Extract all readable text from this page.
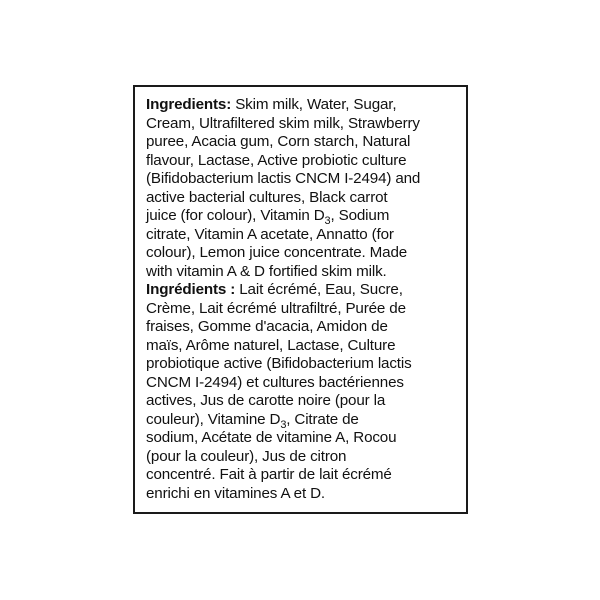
Ingredients: Skim milk, Water, Sugar,
Cream, Ultrafiltered skim milk, Strawberry
puree, Acacia gum, Corn starch, Natural
flavour, Lactase, Active probiotic culture
(Bifidobacterium lactis CNCM I-2494) and
active bacterial cultures, Black carrot
juice (for colour), Vitamin $D_3$, Sodium
citrate, Vitamin A acetate, Annatto (for
colour), Lemon juice concentrate. Made
with vitamin A & D fortified skim milk.
Ingrédients : Lait écrémé, Eau, Sucre,
Crème, Lait écrémé ultrafiltré, Purée de
fraises, Gomme d'acacia, Amidon de
maïs, Arôme naturel, Lactase, Culture
probiotique active (Bifidobacterium lactis
CNCM I-2494) et cultures bactériennes
actives, Jus de carotte noire (pour la
couleur), Vitamine $D_3$, Citrate de
sodium, Acétate de vitamine A, Rocou
(pour la couleur), Jus de citron
concentré. Fait à partir de lait écrémé
enrichi en vitamines A et D.
